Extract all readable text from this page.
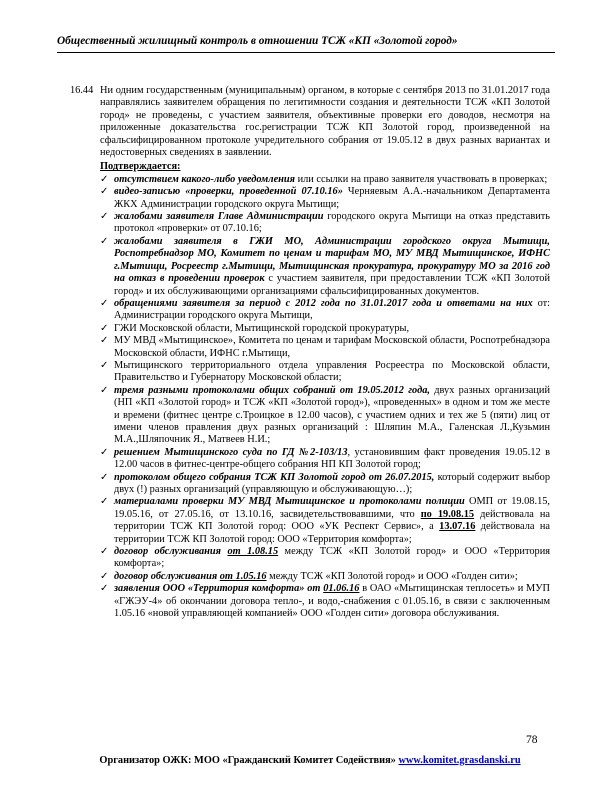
Общественный жилищный контроль в отношении ТСЖ «КП «Золотой город»
16.44 Ни одним государственным (муниципальным) органом, в которые с сентября 2013 по 31.01.2017 года направлялись заявителем обращения по легитимности создания и деятельности ТСЖ «КП Золотой город» не проведены, с участием заявителя, объективные проверки его доводов, несмотря на приложенные доказательства гос.регистрации ТСЖ КП Золотой город, произведенной на сфальсифицированном протоколе учредительного собрания от 19.05.12 в двух разных вариантах и недостоверных сведениях в заявлении.
Подтверждается:
✓ отсутствием какого-либо уведомления или ссылки на право заявителя участвовать в проверках;
✓ видео-записью «проверки, проведенной 07.10.16» Черняевым А.А.-начальником Департамента ЖКХ Администрации городского округа Мытищи;
✓ жалобами заявителя Главе Администрации городского округа Мытищи на отказ представить протокол «проверки» от 07.10.16;
✓ жалобами заявителя в ГЖИ МО, Администрации городского округа Мытищи, Роспотребнадзор МО, Комитет по ценам и тарифам МО, МУ МВД Мытищинское, ИФНС г.Мытищи, Росреестр г.Мытищи, Мытищинская прокуратура, прокуратуру МО за 2016 год на отказ в проведении проверок с участием заявителя, при предоставлении ТСЖ «КП Золотой город» и их обслуживающими организациями сфальсифицированных документов.
✓ обращениями заявителя за период с 2012 года по 31.01.2017 года и ответами на них от: Администрации городского округа Мытищи,
✓ ГЖИ Московской области, Мытищинской городской прокуратуры,
✓ МУ МВД «Мытищинское», Комитета по ценам и тарифам Московской области, Роспотребнадзора Московской области, ИФНС г.Мытищи,
✓ Мытищинского территориального отдела управления Росреестра по Московской области, Правительство и Губернатору Московской области;
✓ тремя разными протоколами общих собраний от 19.05.2012 года, двух разных организаций (НП «КП «Золотой город» и ТСЖ «КП «Золотой город»), «проведенных» в одном и том же месте и времени (фитнес центре с.Троицкое в 12.00 часов), с участием одних и тех же 5 (пяти) лиц от имени членов правления двух разных организаций : Шляпин М.А., Галенская Л.,Кузьмин М.А.,Шляпочник Я., Матвеев Н.И.;
✓ решением Мытищинского суда по ГД №2-103/13, установившим факт проведения 19.05.12 в 12.00 часов в фитнес-центре-общего собрания НП КП Золотой город;
✓ протоколом общего собрания ТСЖ КП Золотой город от 26.07.2015, который содержит выбор двух (!) разных организаций (управляющую и обслуживающую…);
✓ материалами проверки МУ МВД Мытищинское и протоколами полиции ОМП от 19.08.15, 19.05.16, от 27.05.16, от 13.10.16, засвидетельствовавшими, что по 19.08.15 действовала на территории ТСЖ КП Золотой город: ООО «УК Респект Сервис», а 13.07.16 действовала на территории ТСЖ КП Золотой город: ООО «Территория комфорта»;
✓ договор обслуживания от 1.08.15 между ТСЖ «КП Золотой город» и ООО «Территория комфорта»;
✓ договор обслуживания от 1.05.16 между ТСЖ «КП Золотой город» и ООО «Голден сити»;
✓ заявления ООО «Территория комфорта» от 01.06.16 в ОАО «Мытищинская теплосеть» и МУП «ГЖЭУ-4» об окончании договора тепло-, и водо,-снабжения с 01.05.16, в связи с заключенным 1.05.16 «новой управляющей компанией» ООО «Голден сити» договора обслуживания.
78
Организатор ОЖК: МОО «Гражданский Комитет Содействия» www.komitet.grasdanski.ru
